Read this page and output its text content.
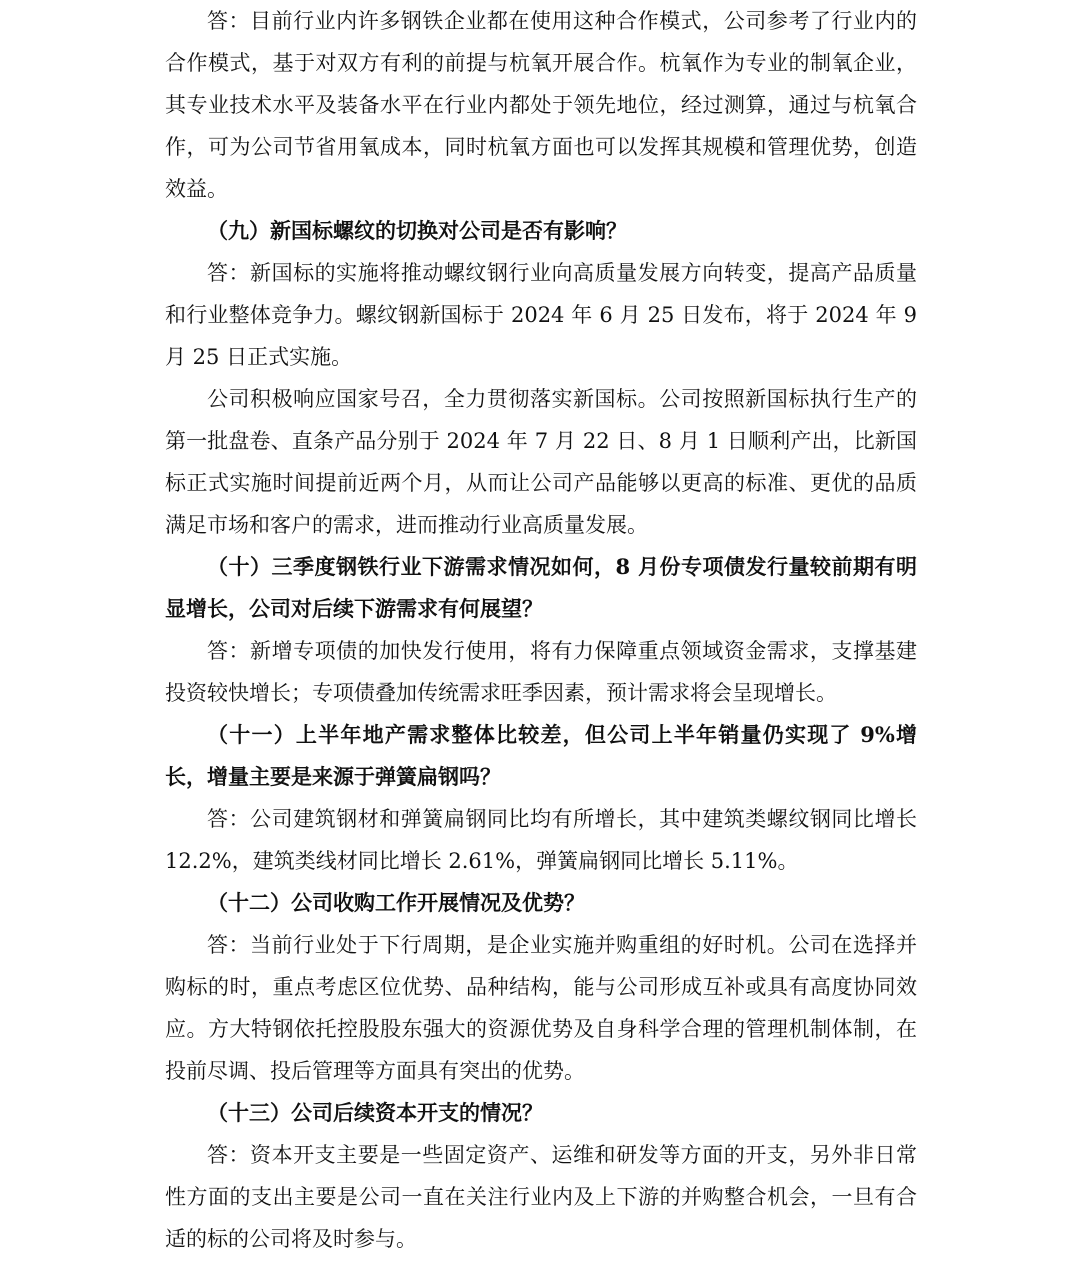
答：目前行业内许多钢铁企业都在使用这种合作模式，公司参考了行业内的合作模式，基于对双方有利的前提与杭氧开展合作。杭氧作为专业的制氧企业，其专业技术水平及装备水平在行业内都处于领先地位，经过测算，通过与杭氧合作，可为公司节省用氧成本，同时杭氧方面也可以发挥其规模和管理优势，创造效益。

（九）新国标螺纹的切换对公司是否有影响？

答：新国标的实施将推动螺纹钢行业向高质量发展方向转变，提高产品质量和行业整体竞争力。螺纹钢新国标于 2024 年 6 月 25 日发布，将于 2024 年 9 月 25 日正式实施。

公司积极响应国家号召，全力贯彻落实新国标。公司按照新国标执行生产的第一批盘卷、直条产品分别于 2024 年 7 月 22 日、8 月 1 日顺利产出，比新国标正式实施时间提前近两个月，从而让公司产品能够以更高的标准、更优的品质满足市场和客户的需求，进而推动行业高质量发展。

（十）三季度钢铁行业下游需求情况如何，8 月份专项债发行量较前期有明显增长，公司对后续下游需求有何展望？

答：新增专项债的加快发行使用，将有力保障重点领域资金需求，支撑基建投资较快增长；专项债叠加传统需求旺季因素，预计需求将会呈现增长。

（十一）上半年地产需求整体比较差，但公司上半年销量仍实现了 9%增长，增量主要是来源于弹簧扁钢吗？

答：公司建筑钢材和弹簧扁钢同比均有所增长，其中建筑类螺纹钢同比增长 12.2%，建筑类线材同比增长 2.61%，弹簧扁钢同比增长 5.11%。

（十二）公司收购工作开展情况及优势？

答：当前行业处于下行周期，是企业实施并购重组的好时机。公司在选择并购标的时，重点考虑区位优势、品种结构，能与公司形成互补或具有高度协同效应。方大特钢依托控股股东强大的资源优势及自身科学合理的管理机制体制，在投前尽调、投后管理等方面具有突出的优势。

（十三）公司后续资本开支的情况？

答：资本开支主要是一些固定资产、运维和研发等方面的开支，另外非日常性方面的支出主要是公司一直在关注行业内及上下游的并购整合机会，一旦有合适的标的公司将及时参与。
